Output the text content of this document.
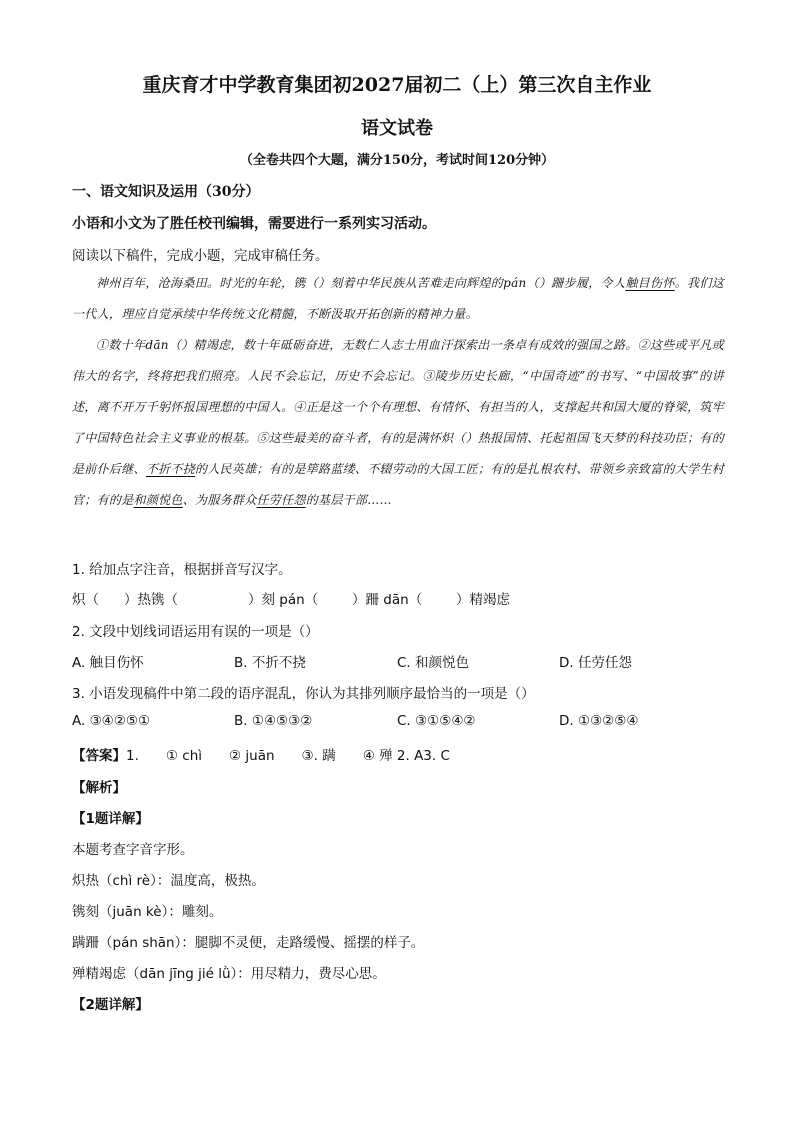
重庆育才中学教育集团初2027届初二（上）第三次自主作业
语文试卷
（全卷共四个大题，满分150分，考试时间120分钟）
一、语文知识及运用（30分）
小语和小文为了胜任校刊编辑，需要进行一系列实习活动。
阅读以下稿件，完成小题，完成审稿任务。

神州百年，沧海桑田。时光的年轮，镌（）刻着中华民族从苦难走向辉煌的pán（）跚步履，令人触目伤怀。我们这一代人，理应自觉承续中华传统文化精髓，不断汲取开拓创新的精神力量。

①数十年dān（）精竭虑，数十年砥砺奋进，无数仁人志士用血汗探索出一条卓有成效的强国之路。②这些或平凡或伟大的名字，终将把我们照亮。人民不会忘记，历史不会忘记。③陵步历史长廊，“中国奇迹”的书写、“中国故事”的讲述，离不开万千躬怀报国理想的中国人。④正是这一个个有理想、有情怀、有担当的人，支撑起共和国大厦的脊梁，筑牢了中国特色社会主义事业的根基。⑤这些最美的奋斗者，有的是满怀炽（）热报国情、托起祖国飞天梦的科技功臣；有的是前仆后继、不折不挠的人民英雄；有的是筚路蓝缕、不辍劳动的大国工匠；有的是扎根农村、带领乡亲致富的大学生村官；有的是和颜悦色、为服务群众任劳任怨的基层干部……

1. 给加点字注音，根据拼音写汉字。
炽（ ）热镌（	）刻 pán（	）跚 dān（	）精竭虑
2. 文段中划线词语运用有误的一项是（）
A. 触目伤怀	B. 不折不挠	C. 和颜悦色	D. 任劳任怨
3. 小语发现稿件中第二段的语序混乱，你认为其排列顺序最恰当的一项是（）
A. ③④②⑤①	B. ①④⑤③②	C. ③①⑤④②	D. ①③②⑤④
【答案】1.　　① chì　　② juān　　③. 蹒　　④ 殚 2. A3. C
【解析】
【1题详解】
本题考查字音字形。
炽热（chì rè）：温度高，极热。
镌刻（juān kè）：雕刻。
蹒跚（pán shān）：腿脚不灵便，走路缓慢、摇摆的样子。
殚精竭虑（dān jīng jié lǜ）：用尽精力，费尽心思。
【2题详解】
